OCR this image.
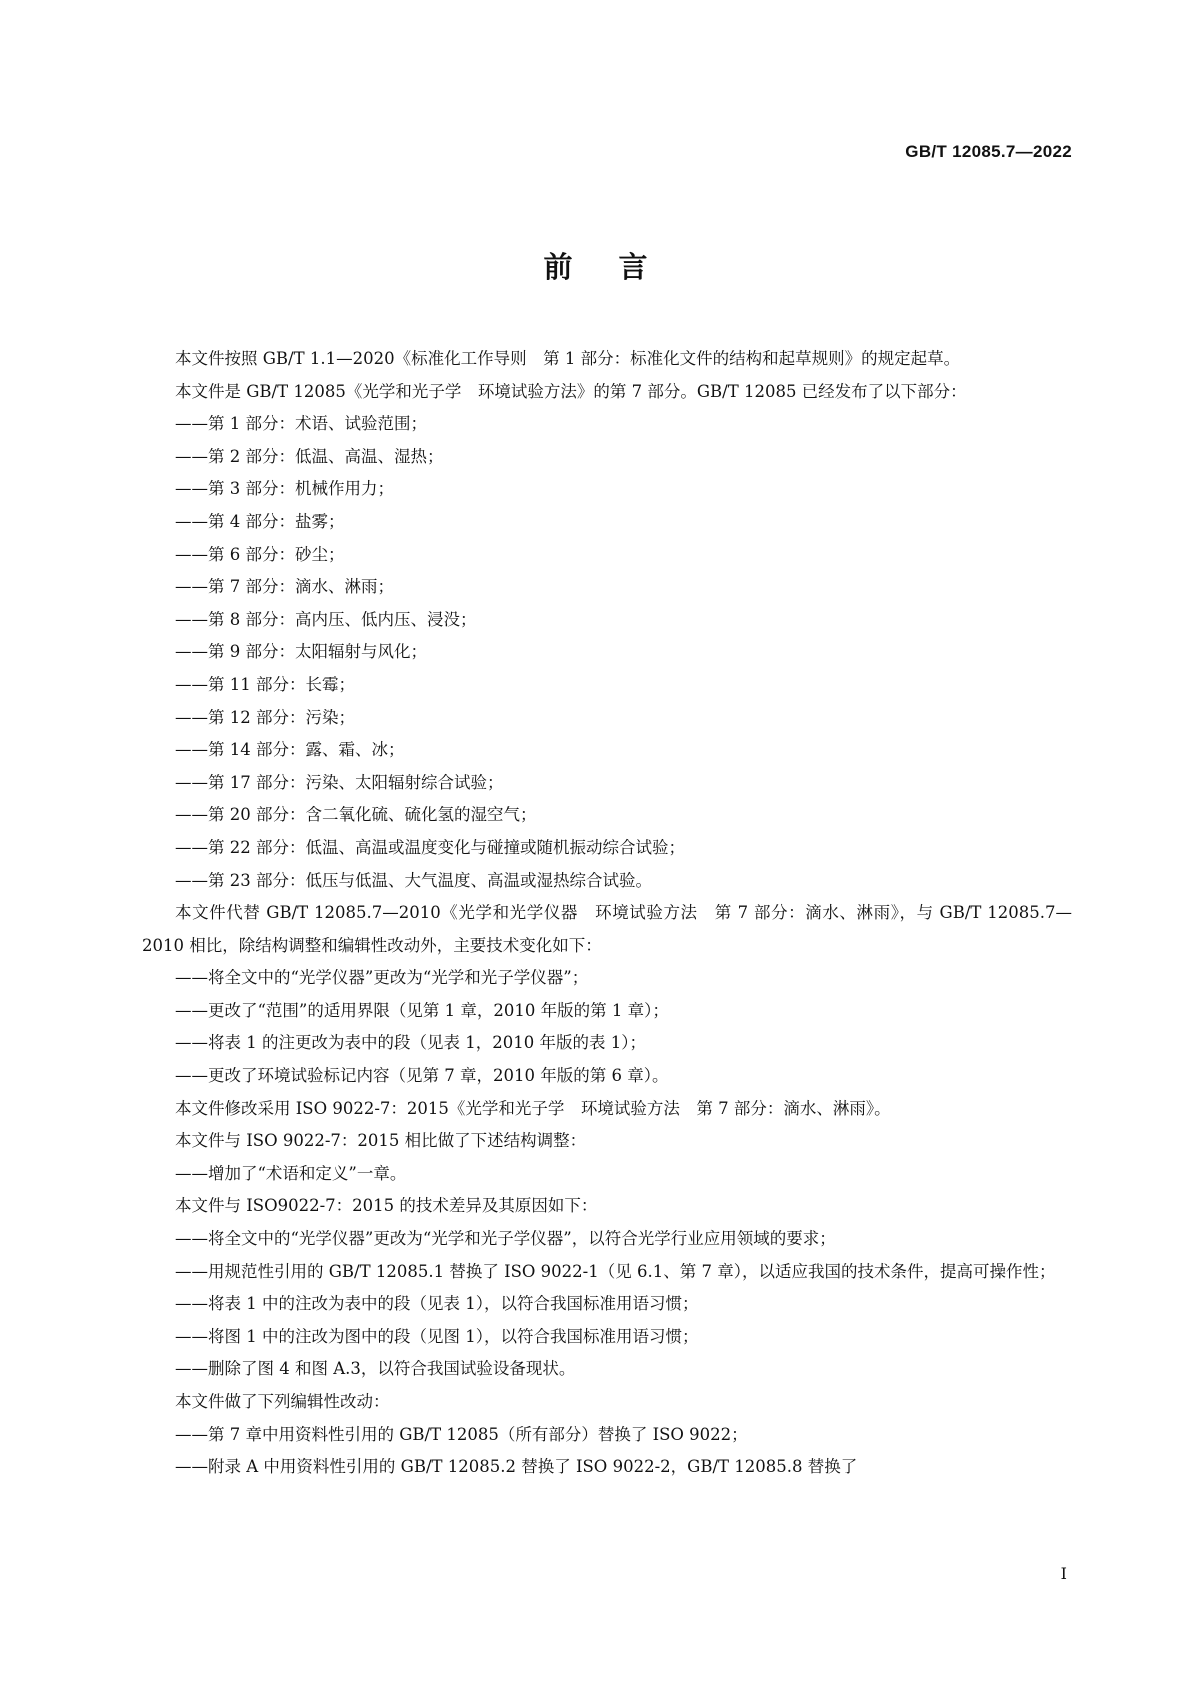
GB/T 12085.7—2022
前言
本文件按照 GB/T 1.1—2020《标准化工作导则　第 1 部分：标准化文件的结构和起草规则》的规定起草。
本文件是 GB/T 12085《光学和光子学　环境试验方法》的第 7 部分。GB/T 12085 已经发布了以下部分：
——第 1 部分：术语、试验范围；
——第 2 部分：低温、高温、湿热；
——第 3 部分：机械作用力；
——第 4 部分：盐雾；
——第 6 部分：砂尘；
——第 7 部分：滴水、淋雨；
——第 8 部分：高内压、低内压、浸没；
——第 9 部分：太阳辐射与风化；
——第 11 部分：长霉；
——第 12 部分：污染；
——第 14 部分：露、霜、冰；
——第 17 部分：污染、太阳辐射综合试验；
——第 20 部分：含二氧化硫、硫化氢的湿空气；
——第 22 部分：低温、高温或温度变化与碰撞或随机振动综合试验；
——第 23 部分：低压与低温、大气温度、高温或湿热综合试验。
本文件代替 GB/T 12085.7—2010《光学和光学仪器　环境试验方法　第 7 部分：滴水、淋雨》，与 GB/T 12085.7—2010 相比，除结构调整和编辑性改动外，主要技术变化如下：
——将全文中的“光学仪器”更改为“光学和光子学仪器”；
——更改了“范围”的适用界限（见第 1 章，2010 年版的第 1 章）；
——将表 1 的注更改为表中的段（见表 1，2010 年版的表 1）；
——更改了环境试验标记内容（见第 7 章，2010 年版的第 6 章）。
本文件修改采用 ISO 9022-7：2015《光学和光子学　环境试验方法　第 7 部分：滴水、淋雨》。
本文件与 ISO 9022-7：2015 相比做了下述结构调整：
——增加了“术语和定义”一章。
本文件与 ISO9022-7：2015 的技术差异及其原因如下：
——将全文中的“光学仪器”更改为“光学和光子学仪器”，以符合光学行业应用领域的要求；
——用规范性引用的 GB/T 12085.1 替换了 ISO 9022-1（见 6.1、第 7 章），以适应我国的技术条件，提高可操作性；
——将表 1 中的注改为表中的段（见表 1），以符合我国标准用语习惯；
——将图 1 中的注改为图中的段（见图 1），以符合我国标准用语习惯；
——删除了图 4 和图 A.3，以符合我国试验设备现状。
本文件做了下列编辑性改动：
——第 7 章中用资料性引用的 GB/T 12085（所有部分）替换了 ISO 9022；
——附录 A 中用资料性引用的 GB/T 12085.2 替换了 ISO 9022-2，GB/T 12085.8 替换了
I
